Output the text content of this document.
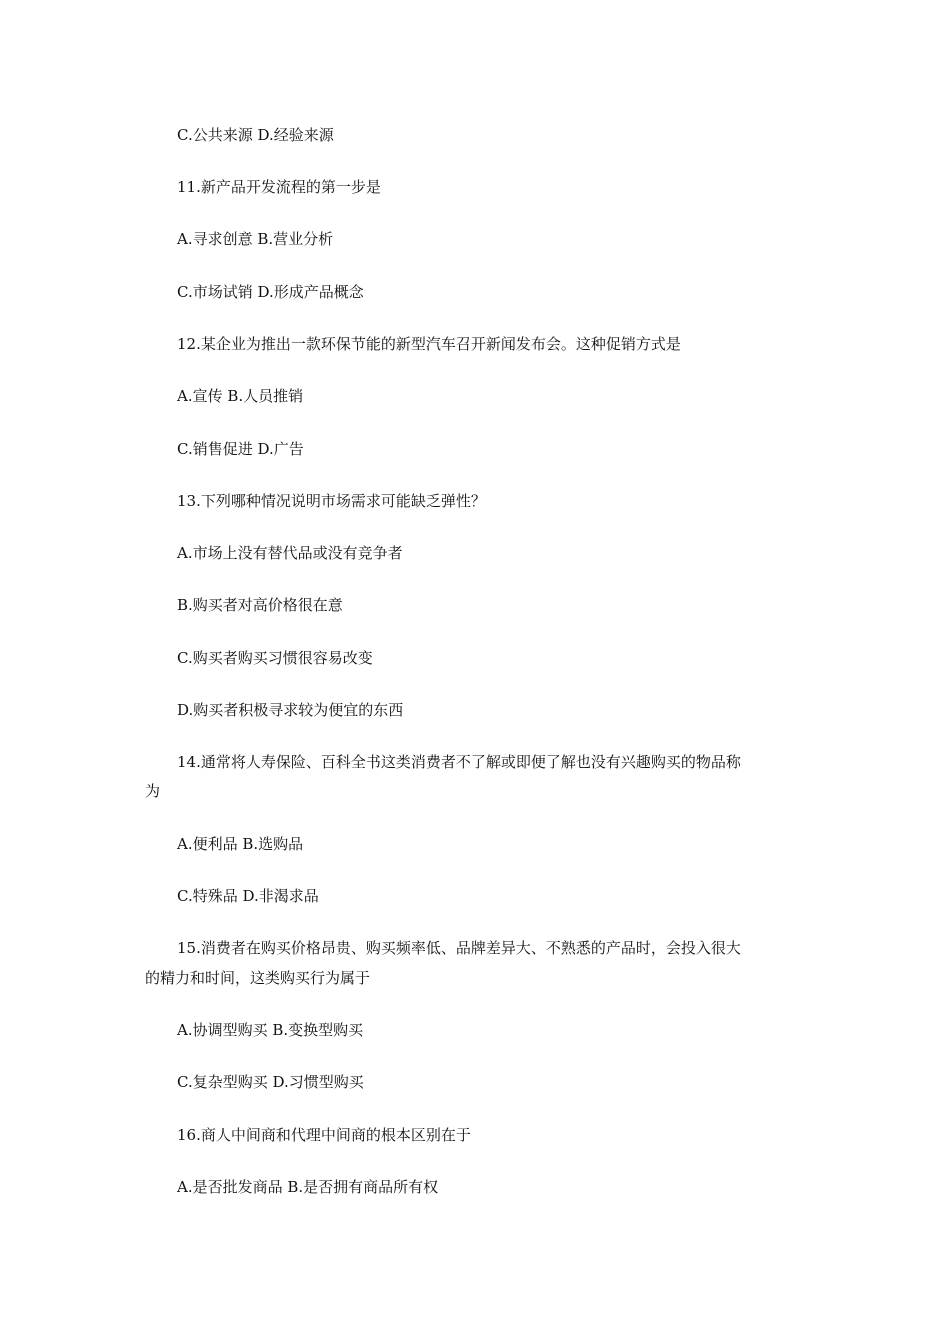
C.公共来源 D.经验来源
11.新产品开发流程的第一步是
A.寻求创意 B.营业分析
C.市场试销 D.形成产品概念
12.某企业为推出一款环保节能的新型汽车召开新闻发布会。这种促销方式是
A.宣传 B.人员推销
C.销售促进 D.广告
13.下列哪种情况说明市场需求可能缺乏弹性？
A.市场上没有替代品或没有竞争者
B.购买者对高价格很在意
C.购买者购买习惯很容易改变
D.购买者积极寻求较为便宜的东西
14.通常将人寿保险、百科全书这类消费者不了解或即便了解也没有兴趣购买的物品称
为
A.便利品 B.选购品
C.特殊品 D.非渴求品
15.消费者在购买价格昂贵、购买频率低、品牌差异大、不熟悉的产品时，会投入很大
的精力和时间，这类购买行为属于
A.协调型购买 B.变换型购买
C.复杂型购买 D.习惯型购买
16.商人中间商和代理中间商的根本区别在于
A.是否批发商品 B.是否拥有商品所有权
